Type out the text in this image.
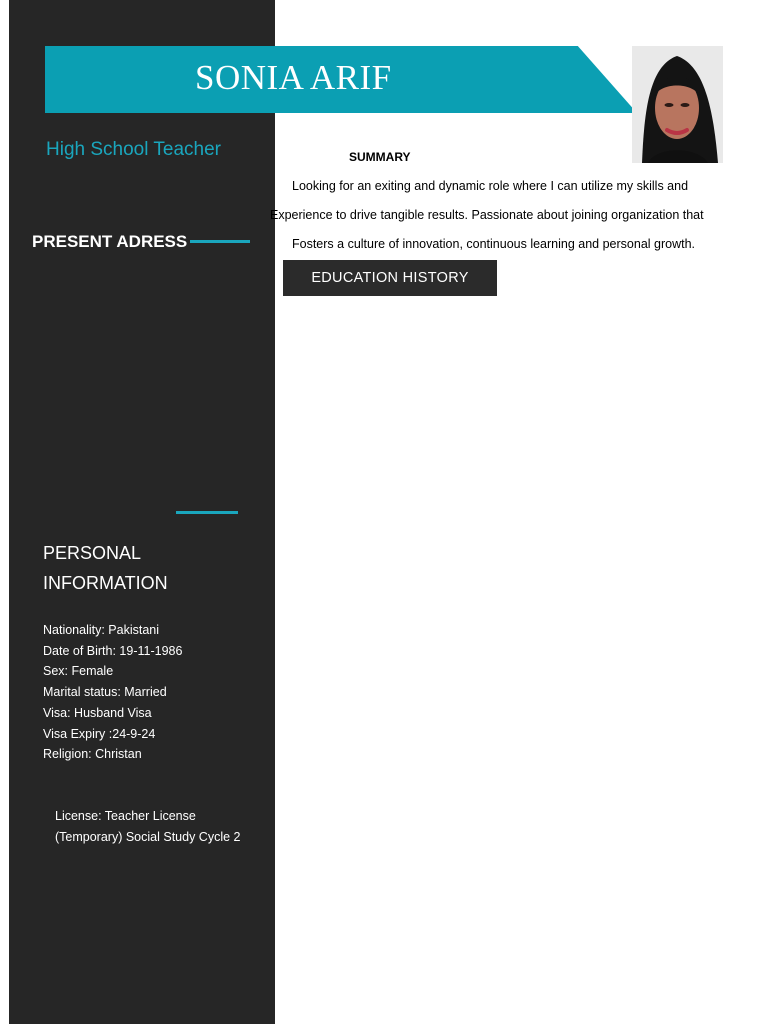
SONIA ARIF
High School Teacher
PRESENT ADRESS
PERSONAL INFORMATION
Nationality: Pakistani
Date of Birth: 19-11-1986
Sex: Female
Marital status: Married
Visa: Husband Visa
Visa Expiry :24-9-24
Religion: Christan
License: Teacher License
(Temporary) Social Study Cycle 2
SUMMARY
Looking for an exiting and dynamic role where I can utilize my skills and
Experience to drive tangible results. Passionate about joining organization that
Fosters a culture of innovation, continuous learning and personal growth.
EDUCATION HISTORY
